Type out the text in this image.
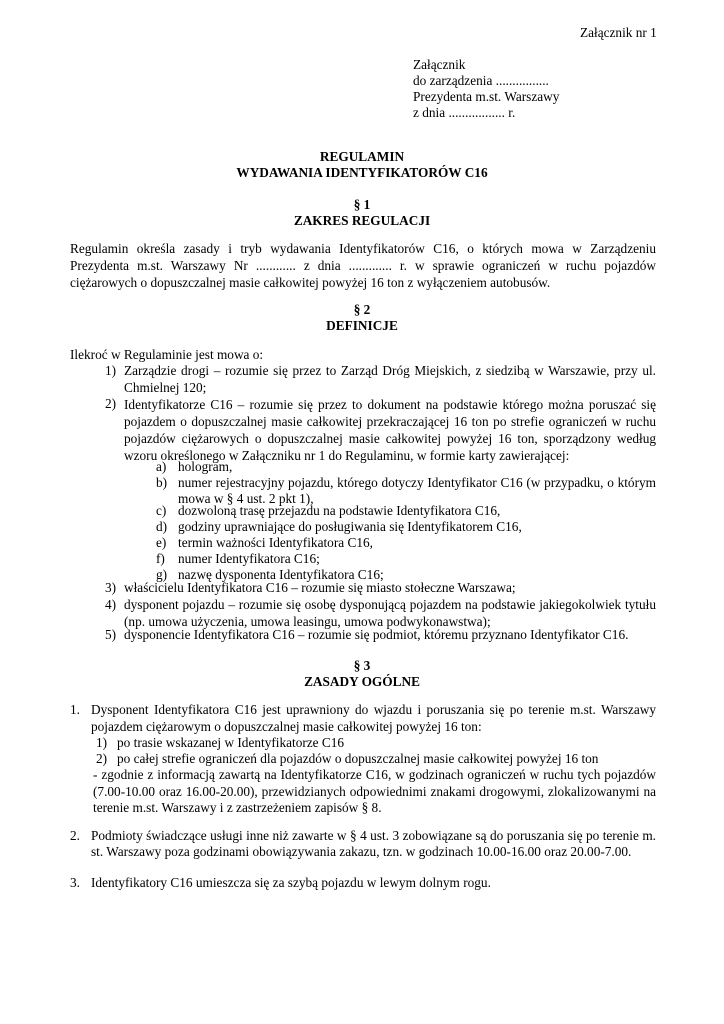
Załącznik nr 1
Załącznik
do zarządzenia ................
Prezydenta m.st. Warszawy
z dnia ................. r.
REGULAMIN
WYDAWANIA IDENTYFIKATORÓW C16
§ 1
ZAKRES REGULACJI
Regulamin określa zasady i tryb wydawania Identyfikatorów C16, o których mowa w Zarządzeniu Prezydenta m.st. Warszawy Nr ............ z dnia ............. r. w sprawie ograniczeń w ruchu pojazdów ciężarowych o dopuszczalnej masie całkowitej powyżej 16 ton z wyłączeniem autobusów.
§ 2
DEFINICJE
Ilekroć w Regulaminie jest mowa o:
1) Zarządzie drogi – rozumie się przez to Zarząd Dróg Miejskich, z siedzibą w Warszawie, przy ul. Chmielnej 120;
2) Identyfikatorze C16 – rozumie się przez to dokument na podstawie którego można poruszać się pojazdem o dopuszczalnej masie całkowitej przekraczającej 16 ton po strefie ograniczeń w ruchu pojazdów ciężarowych o dopuszczalnej masie całkowitej powyżej 16 ton, sporządzony według wzoru określonego w Załączniku nr 1 do Regulaminu, w formie karty zawierającej:
a) hologram,
b) numer rejestracyjny pojazdu, którego dotyczy Identyfikator C16 (w przypadku, o którym mowa w § 4 ust. 2 pkt 1),
c) dozwoloną trasę przejazdu na podstawie Identyfikatora C16,
d) godziny uprawniające do posługiwania się Identyfikatorem C16,
e) termin ważności Identyfikatora C16,
f) numer Identyfikatora C16;
g) nazwę dysponenta Identyfikatora C16;
3) właścicielu Identyfikatora C16 – rozumie się miasto stołeczne Warszawa;
4) dysponent pojazdu – rozumie się osobę dysponującą pojazdem na podstawie jakiegokolwiek tytułu (np. umowa użyczenia, umowa leasingu, umowa podwykonawstwa);
5) dysponencie Identyfikatora C16 – rozumie się podmiot, któremu przyznano Identyfikator C16.
§ 3
ZASADY OGÓLNE
1. Dysponent Identyfikatora C16 jest uprawniony do wjazdu i poruszania się po terenie m.st. Warszawy pojazdem ciężarowym o dopuszczalnej masie całkowitej powyżej 16 ton:
1) po trasie wskazanej w Identyfikatorze C16
2) po całej strefie ograniczeń dla pojazdów o dopuszczalnej masie całkowitej powyżej 16 ton
- zgodnie z informacją zawartą na Identyfikatorze C16, w godzinach ograniczeń w ruchu tych pojazdów (7.00-10.00 oraz 16.00-20.00), przewidzianych odpowiednimi znakami drogowymi, zlokalizowanymi na terenie m.st. Warszawy i z zastrzeżeniem zapisów § 8.
2. Podmioty świadczące usługi inne niż zawarte w § 4 ust. 3 zobowiązane są do poruszania się po terenie m. st. Warszawy poza godzinami obowiązywania zakazu, tzn. w godzinach 10.00-16.00 oraz 20.00-7.00.
3. Identyfikatory C16 umieszcza się za szybą pojazdu w lewym dolnym rogu.
